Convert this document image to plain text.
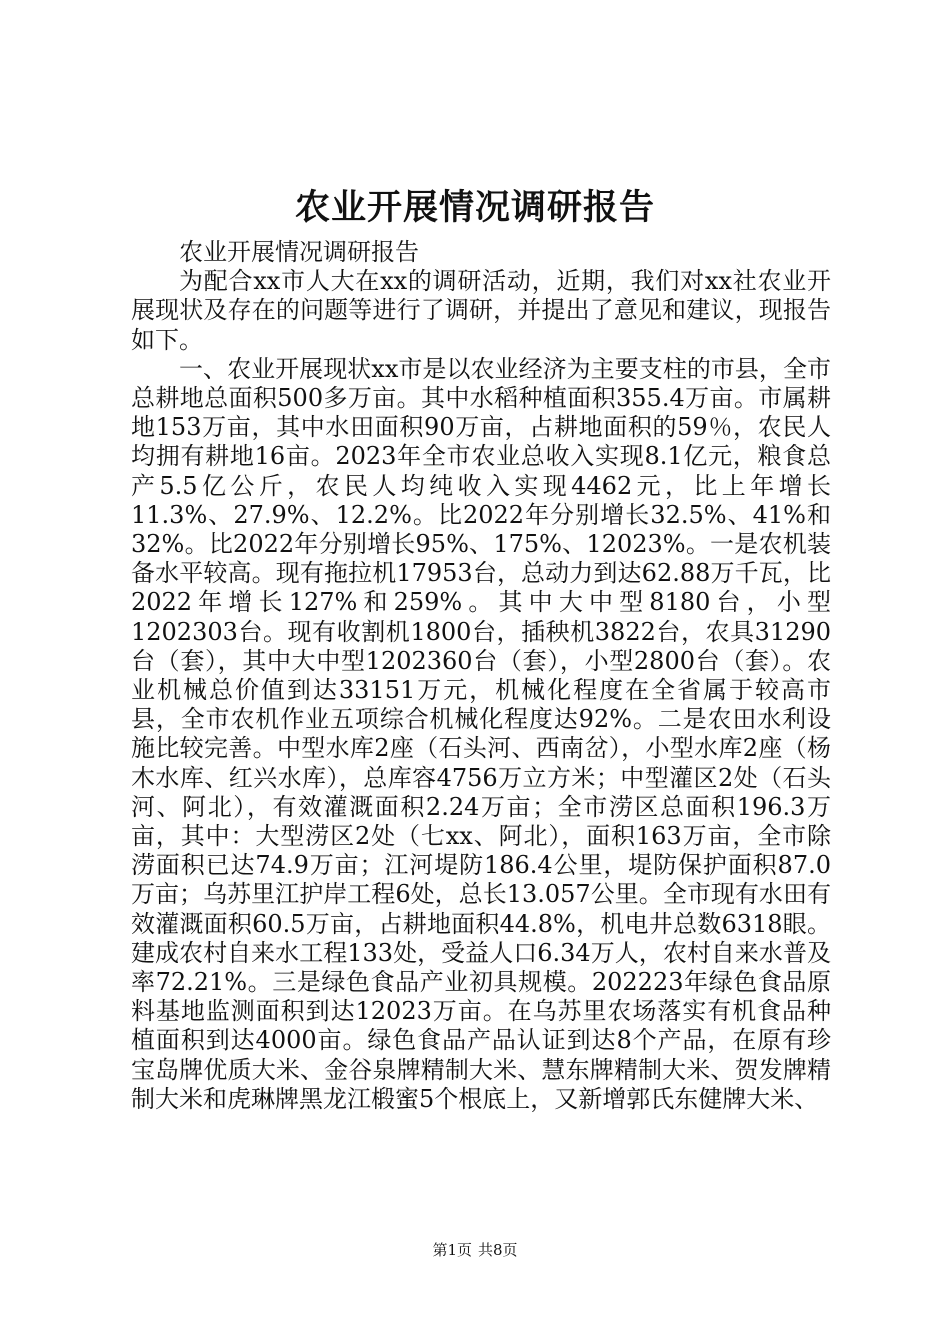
农业开展情况调研报告

农业开展情况调研报告

为配合xx市人大在xx的调研活动，近期，我们对xx社农业开展现状及存在的问题等进行了调研，并提出了意见和建议，现报告如下。

一、农业开展现状xx市是以农业经济为主要支柱的市县，全市总耕地总面积500多万亩。其中水稻种植面积355.4万亩。市属耕地153万亩，其中水田面积90万亩，占耕地面积的59％，农民人均拥有耕地16亩。2023年全市农业总收入实现8.1亿元，粮食总产5.5亿公斤，农民人均纯收入实现4462元，比上年增长11.3%、27.9%、12.2%。比2022年分别增长32.5%、41%和32%。比2022年分别增长95%、175%、12023%。一是农机装备水平较高。现有拖拉机17953台，总动力到达62.88万千瓦，比2022年增长127%和259%。其中大中型8180台，小型1202303台。现有收割机1800台，插秧机3822台，农具31290台（套），其中大中型1202360台（套），小型2800台（套）。农业机械总价值到达33151万元，机械化程度在全省属于较高市县，全市农机作业五项综合机械化程度达92%。二是农田水利设施比较完善。中型水库2座（石头河、西南岔），小型水库2座（杨木水库、红兴水库），总库容4756万立方米；中型灌区2处（石头河、阿北），有效灌溉面积2.24万亩；全市涝区总面积196.3万亩，其中：大型涝区2处（七xx、阿北），面积163万亩，全市除涝面积已达74.9万亩；江河堤防186.4公里，堤防保护面积87.0万亩；乌苏里江护岸工程6处，总长13.057公里。全市现有水田有效灌溉面积60.5万亩，占耕地面积44.8%，机电井总数6318眼。建成农村自来水工程133处，受益人口6.34万人，农村自来水普及率72.21%。三是绿色食品产业初具规模。202223年绿色食品原料基地监测面积到达12023万亩。在乌苏里农场落实有机食品种植面积到达4000亩。绿色食品产品认证到达8个产品，在原有珍宝岛牌优质大米、金谷泉牌精制大米、慧东牌精制大米、贺发牌精制大米和虎琳牌黑龙江椴蜜5个根底上，又新增郭氏东健牌大米、

第1页 共8页
